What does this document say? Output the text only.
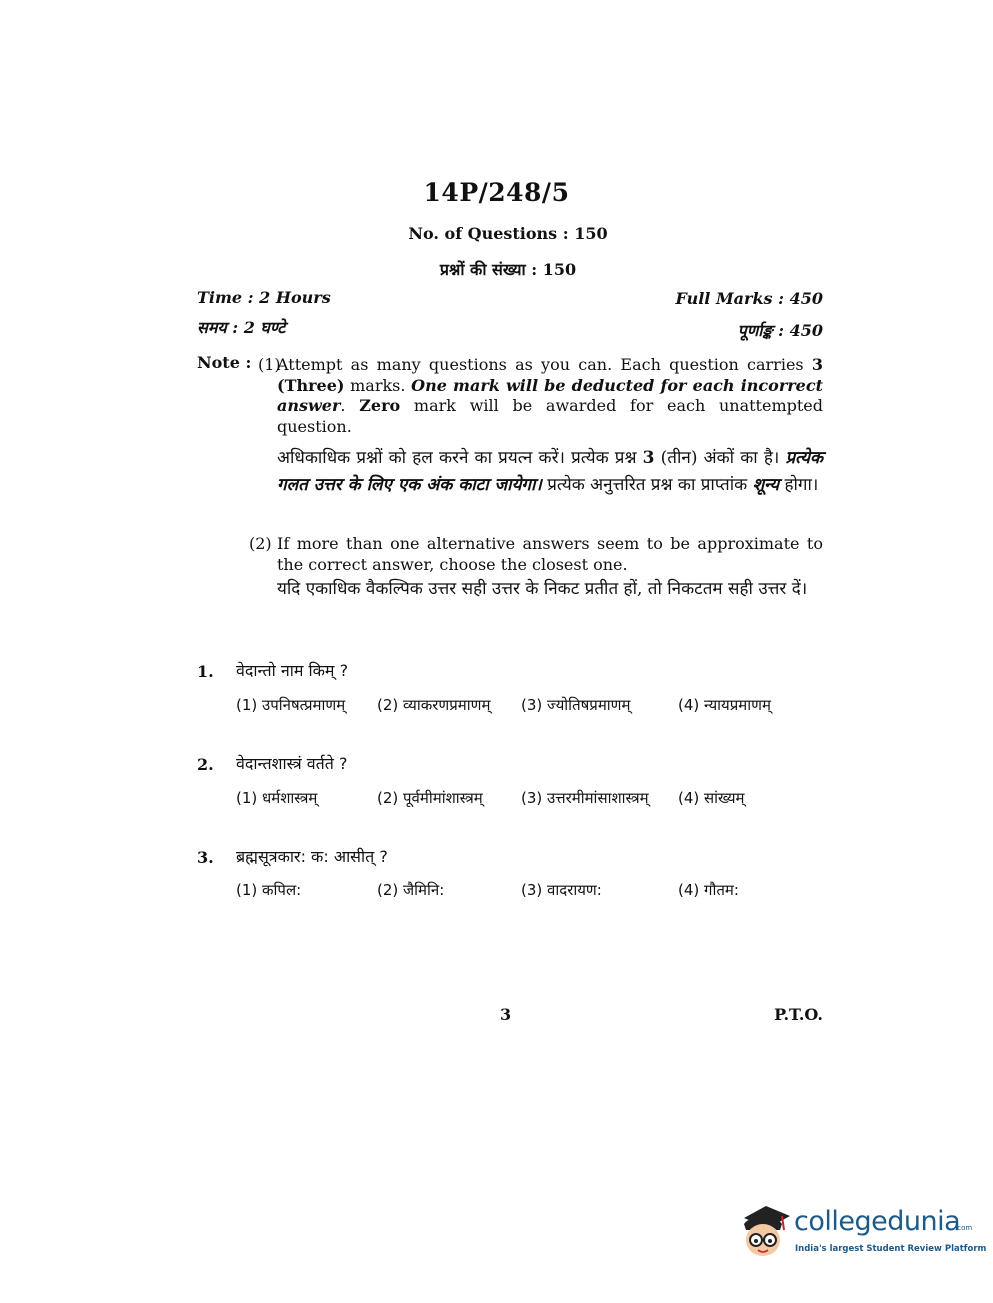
14P/248/5
No. of Questions : 150
प्रश्नों की संख्या : 150
Time : 2 Hours
समय : 2 घण्टे
Full Marks : 450
पूर्णाङ्क : 450
Note : (1)
Attempt as many questions as you can. Each question carries 3 (Three) marks. One mark will be deducted for each incorrect answer. Zero mark will be awarded for each unattempted question.
अधिकाधिक प्रश्नों को हल करने का प्रयत्न करें। प्रत्येक प्रश्न 3 (तीन) अंकों का है। प्रत्येक गलत उत्तर के लिए एक अंक काटा जायेगा। प्रत्येक अनुत्तरित प्रश्न का प्राप्तांक शून्य होगा।
(2) If more than one alternative answers seem to be approximate to the correct answer, choose the closest one.
यदि एकाधिक वैकल्पिक उत्तर सही उत्तर के निकट प्रतीत हों, तो निकटतम सही उत्तर दें।
1. वेदान्तो नाम किम् ?
(1) उपनिषत्प्रमाणम् (2) व्याकरणप्रमाणम् (3) ज्योतिषप्रमाणम्	(4) न्यायप्रमाणम्
2. वेदान्तशास्त्रं वर्तते ?
(1) धर्मशास्त्रम्	(2) पूर्वमीमांशास्त्रम्	(3) उत्तरमीमांसाशास्त्रम् (4) सांख्यम्
3. ब्रह्मसूत्रकार: क: आसीत् ?
(1) कपिल:	(2) जैमिनि:	(3) वादरायण:	(4) गौतम:
3	P.T.O.
collegedunia
.com
India's largest Student Review Platform
